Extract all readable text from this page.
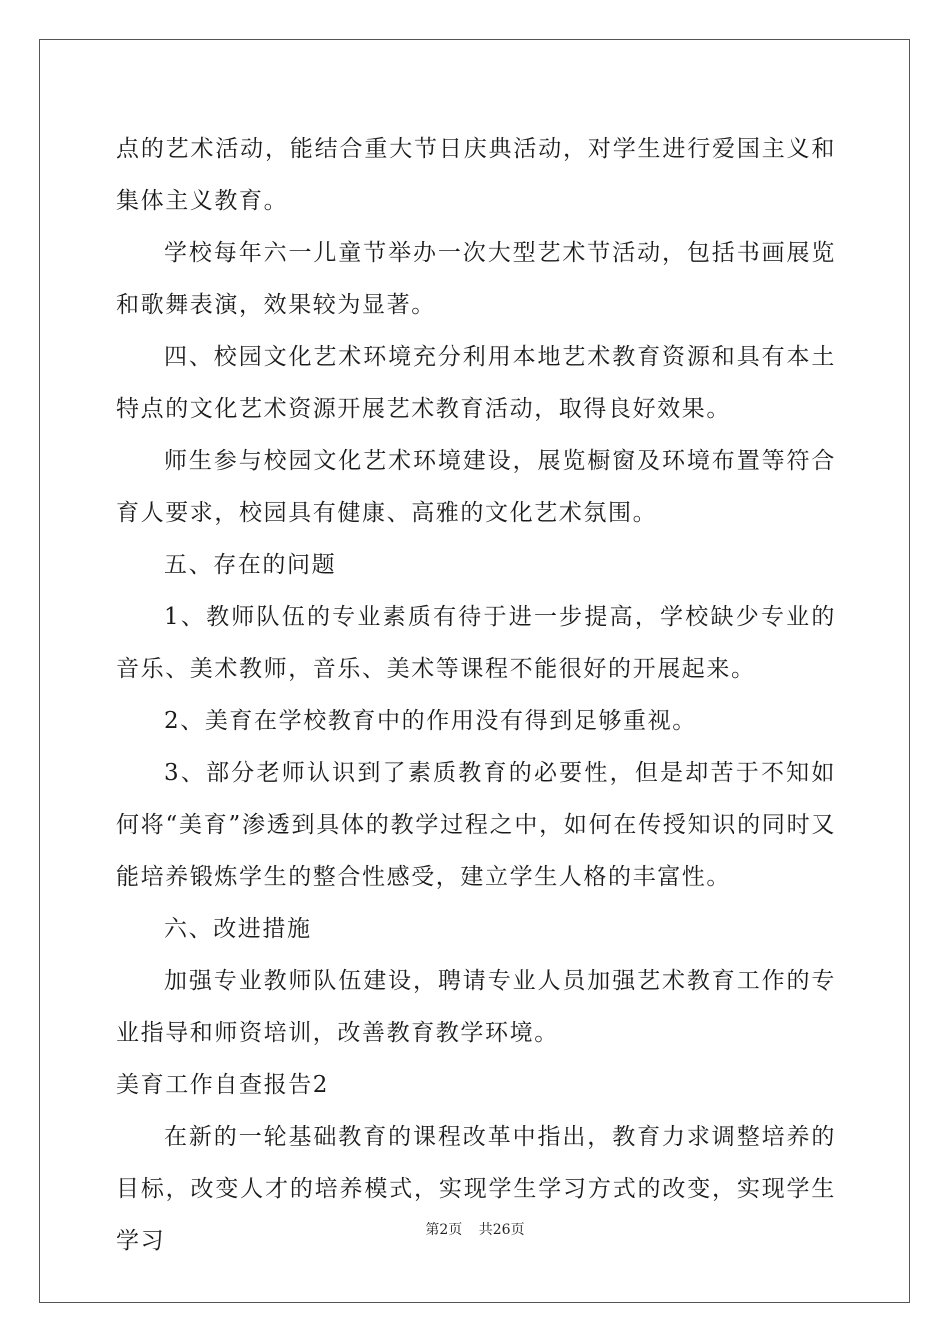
点的艺术活动，能结合重大节日庆典活动，对学生进行爱国主义和集体主义教育。

学校每年六一儿童节举办一次大型艺术节活动，包括书画展览和歌舞表演，效果较为显著。

四、校园文化艺术环境充分利用本地艺术教育资源和具有本土特点的文化艺术资源开展艺术教育活动，取得良好效果。

师生参与校园文化艺术环境建设，展览橱窗及环境布置等符合育人要求，校园具有健康、高雅的文化艺术氛围。

五、存在的问题

1、教师队伍的专业素质有待于进一步提高，学校缺少专业的音乐、美术教师，音乐、美术等课程不能很好的开展起来。

2、美育在学校教育中的作用没有得到足够重视。

3、部分老师认识到了素质教育的必要性，但是却苦于不知如何将“美育”渗透到具体的教学过程之中，如何在传授知识的同时又能培养锻炼学生的整合性感受，建立学生人格的丰富性。

六、改进措施

加强专业教师队伍建设，聘请专业人员加强艺术教育工作的专业指导和师资培训，改善教育教学环境。

美育工作自查报告2

在新的一轮基础教育的课程改革中指出，教育力求调整培养的目标，改变人才的培养模式，实现学生学习方式的改变，实现学生学习	第2页 共26页
